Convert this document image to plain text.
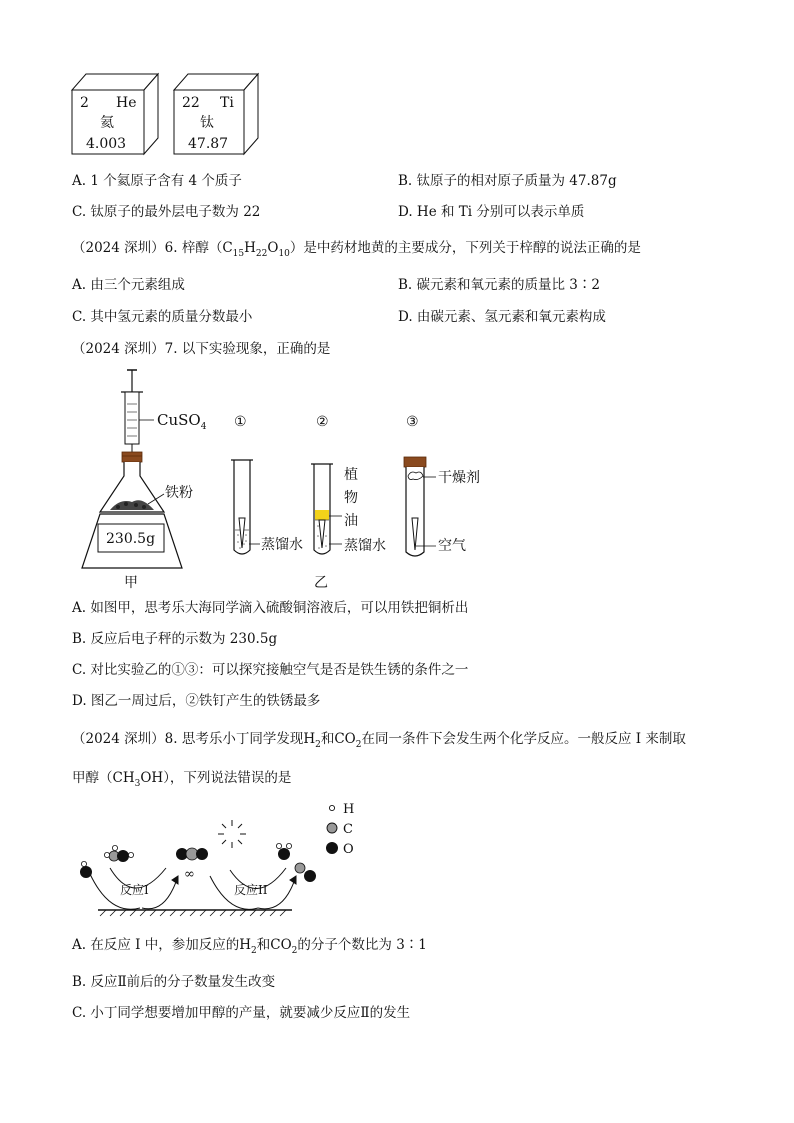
2 He
氦
4.003
22 Ti
钛
47.87
A. 1 个氦原子含有 4 个质子	B. 钛原子的相对原子质量为 47.87g
C. 钛原子的最外层电子数为 22	D. He 和 Ti 分别可以表示单质
（2024 深圳）6. 梓醇$(C_{15}H_{22}O_{10})$是中药材地黄的主要成分，下列关于梓醇的说法正确的是
A. 由三个元素组成	B. 碳元素和氧元素的质量比 3∶2
C. 其中氢元素的质量分数最小	D. 由碳元素、氢元素和氧元素构成
（2024 深圳）7. 以下实验现象，正确的是
CuSO$_4$
铁粉
230.5g
甲
①
蒸馏水
②
植
物
油
蒸馏水
乙
③
干燥剂
空气
A. 如图甲，思考乐大海同学滴入硫酸铜溶液后，可以用铁把铜析出
B. 反应后电子秤的示数为 230.5g
C. 对比实验乙的①③：可以探究接触空气是否是铁生锈的条件之一
D. 图乙一周过后，②铁钉产生的铁锈最多
（2024 深圳）8. 思考乐小丁同学发现$H_2$和$CO_2$在同一条件下会发生两个化学反应。一般反应 I 来制取
甲醇$(CH_3OH)$，下列说法错误的是
H
C
O
反应I	反应II
∞
A. 在反应 I 中，参加反应的$H_2$和$CO_2$的分子个数比为 3∶1
B. 反应Ⅱ前后的分子数量发生改变
C. 小丁同学想要增加甲醇的产量，就要减少反应Ⅱ的发生
